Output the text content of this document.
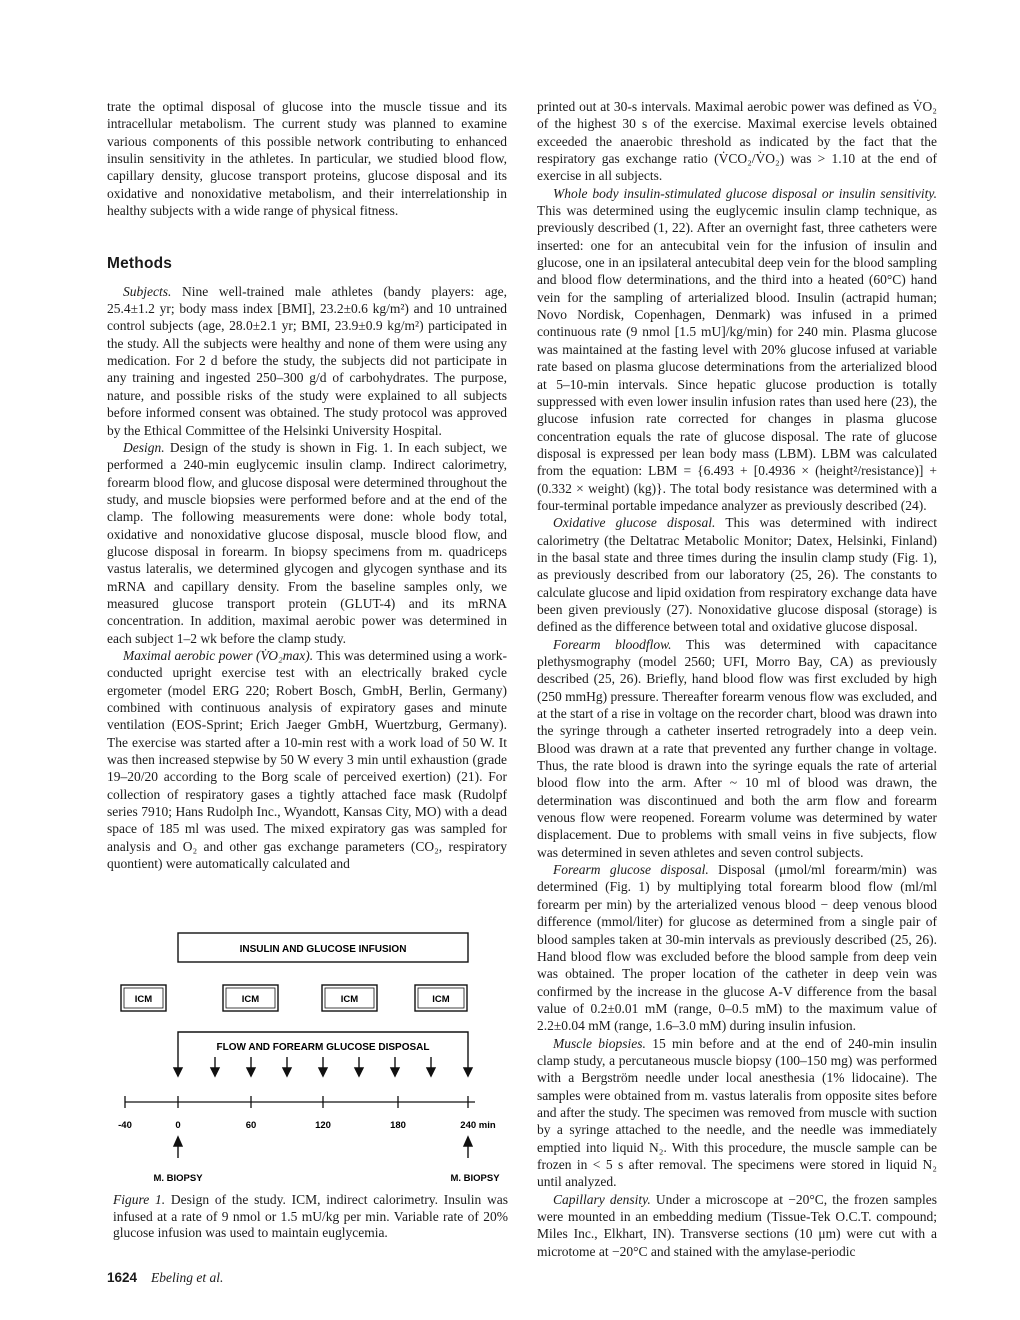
trate the optimal disposal of glucose into the muscle tissue and its intracellular metabolism. The current study was planned to examine various components of this possible network contributing to enhanced insulin sensitivity in the athletes. In particular, we studied blood flow, capillary density, glucose transport proteins, glucose disposal and its oxidative and nonoxidative metabolism, and their interrelationship in healthy subjects with a wide range of physical fitness.

Methods

Subjects. Nine well-trained male athletes (bandy players: age, 25.4±1.2 yr; body mass index [BMI], 23.2±0.6 kg/m²) and 10 untrained control subjects (age, 28.0±2.1 yr; BMI, 23.9±0.9 kg/m²) participated in the study. All the subjects were healthy and none of them were using any medication. For 2 d before the study, the subjects did not participate in any training and ingested 250–300 g/d of carbohydrates. The purpose, nature, and possible risks of the study were explained to all subjects before informed consent was obtained. The study protocol was approved by the Ethical Committee of the Helsinki University Hospital.

Design. Design of the study is shown in Fig. 1. In each subject, we performed a 240-min euglycemic insulin clamp. Indirect calorimetry, forearm blood flow, and glucose disposal were determined throughout the study, and muscle biopsies were performed before and at the end of the clamp. The following measurements were done: whole body total, oxidative and nonoxidative glucose disposal, muscle blood flow, and glucose disposal in forearm. In biopsy specimens from m. quadriceps vastus lateralis, we determined glycogen and glycogen synthase and its mRNA and capillary density. From the baseline samples only, we measured glucose transport protein (GLUT-4) and its mRNA concentration. In addition, maximal aerobic power was determined in each subject 1–2 wk before the clamp study.

Maximal aerobic power (V̇O₂max). This was determined using a work-conducted upright exercise test with an electrically braked cycle ergometer (model ERG 220; Robert Bosch, GmbH, Berlin, Germany) combined with continuous analysis of expiratory gases and minute ventilation (EOS-Sprint; Erich Jaeger GmbH, Wuertzburg, Germany). The exercise was started after a 10-min rest with a work load of 50 W. It was then increased stepwise by 50 W every 3 min until exhaustion (grade 19–20/20 according to the Borg scale of perceived exertion) (21). For collection of respiratory gases a tightly attached face mask (Rudolpf series 7910; Hans Rudolph Inc., Wyandott, Kansas City, MO) with a dead space of 185 ml was used. The mixed expiratory gas was sampled for analysis and O₂ and other gas exchange parameters (CO₂, respiratory quontient) were automatically calculated and

INSULIN AND GLUCOSE INFUSION
ICM	ICM	ICM	ICM
FLOW AND FOREARM GLUCOSE DISPOSAL
-40	0	60	120	180	240 min
M. BIOPSY	M. BIOPSY
Figure 1. Design of the study. ICM, indirect calorimetry. Insulin was infused at a rate of 9 nmol or 1.5 mU/kg per min. Variable rate of 20% glucose infusion was used to maintain euglycemia.
1624 Ebeling et al.

printed out at 30-s intervals. Maximal aerobic power was defined as V̇O₂ of the highest 30 s of the exercise. Maximal exercise levels obtained exceeded the anaerobic threshold as indicated by the fact that the respiratory gas exchange ratio (V̇CO₂/V̇O₂) was > 1.10 at the end of exercise in all subjects.

Whole body insulin-stimulated glucose disposal or insulin sensitivity. This was determined using the euglycemic insulin clamp technique, as previously described (1, 22). After an overnight fast, three catheters were inserted: one for an antecubital vein for the infusion of insulin and glucose, one in an ipsilateral antecubital deep vein for the blood sampling and blood flow determinations, and the third into a heated (60°C) hand vein for the sampling of arterialized blood. Insulin (actrapid human; Novo Nordisk, Copenhagen, Denmark) was infused in a primed continuous rate (9 nmol [1.5 mU]/kg/min) for 240 min. Plasma glucose was maintained at the fasting level with 20% glucose infused at variable rate based on plasma glucose determinations from the arterialized blood at 5–10-min intervals. Since hepatic glucose production is totally suppressed with even lower insulin infusion rates than used here (23), the glucose infusion rate corrected for changes in plasma glucose concentration equals the rate of glucose disposal. The rate of glucose disposal is expressed per lean body mass (LBM). LBM was calculated from the equation: LBM = {6.493 + [0.4936 × (height²/resistance)] + (0.332 × weight) (kg)}. The total body resistance was determined with a four-terminal portable impedance analyzer as previously described (24).

Oxidative glucose disposal. This was determined with indirect calorimetry (the Deltatrac Metabolic Monitor; Datex, Helsinki, Finland) in the basal state and three times during the insulin clamp study (Fig. 1), as previously described from our laboratory (25, 26). The constants to calculate glucose and lipid oxidation from respiratory exchange data have been given previously (27). Nonoxidative glucose disposal (storage) is defined as the difference between total and oxidative glucose disposal.

Forearm bloodflow. This was determined with capacitance plethysmography (model 2560; UFI, Morro Bay, CA) as previously described (25, 26). Briefly, hand blood flow was first excluded by high (250 mmHg) pressure. Thereafter forearm venous flow was excluded, and at the start of a rise in voltage on the recorder chart, blood was drawn into the syringe through a catheter inserted retrogradely into a deep vein. Blood was drawn at a rate that prevented any further change in voltage. Thus, the rate blood is drawn into the syringe equals the rate of arterial blood flow into the arm. After ~ 10 ml of blood was drawn, the determination was discontinued and both the arm flow and forearm venous flow were reopened. Forearm volume was determined by water displacement. Due to problems with small veins in five subjects, flow was determined in seven athletes and seven control subjects.

Forearm glucose disposal. Disposal (μmol/ml forearm/min) was determined (Fig. 1) by multiplying total forearm blood flow (ml/ml forearm per min) by the arterialized venous blood − deep venous blood difference (mmol/liter) for glucose as determined from a single pair of blood samples taken at 30-min intervals as previously described (25, 26). Hand blood flow was excluded before the blood sample from deep vein was obtained. The proper location of the catheter in deep vein was confirmed by the increase in the glucose A-V difference from the basal value of 0.2±0.01 mM (range, 0–0.5 mM) to the maximum value of 2.2±0.04 mM (range, 1.6–3.0 mM) during insulin infusion.

Muscle biopsies. 15 min before and at the end of 240-min insulin clamp study, a percutaneous muscle biopsy (100–150 mg) was performed with a Bergström needle under local anesthesia (1% lidocaine). The samples were obtained from m. vastus lateralis from opposite sites before and after the study. The specimen was removed from muscle with suction by a syringe attached to the needle, and the needle was immediately emptied into liquid N₂. With this procedure, the muscle sample can be frozen in < 5 s after removal. The specimens were stored in liquid N₂ until analyzed.

Capillary density. Under a microscope at −20°C, the frozen samples were mounted in an embedding medium (Tissue-Tek O.C.T. compound; Miles Inc., Elkhart, IN). Transverse sections (10 μm) were cut with a microtome at −20°C and stained with the amylase-periodic
